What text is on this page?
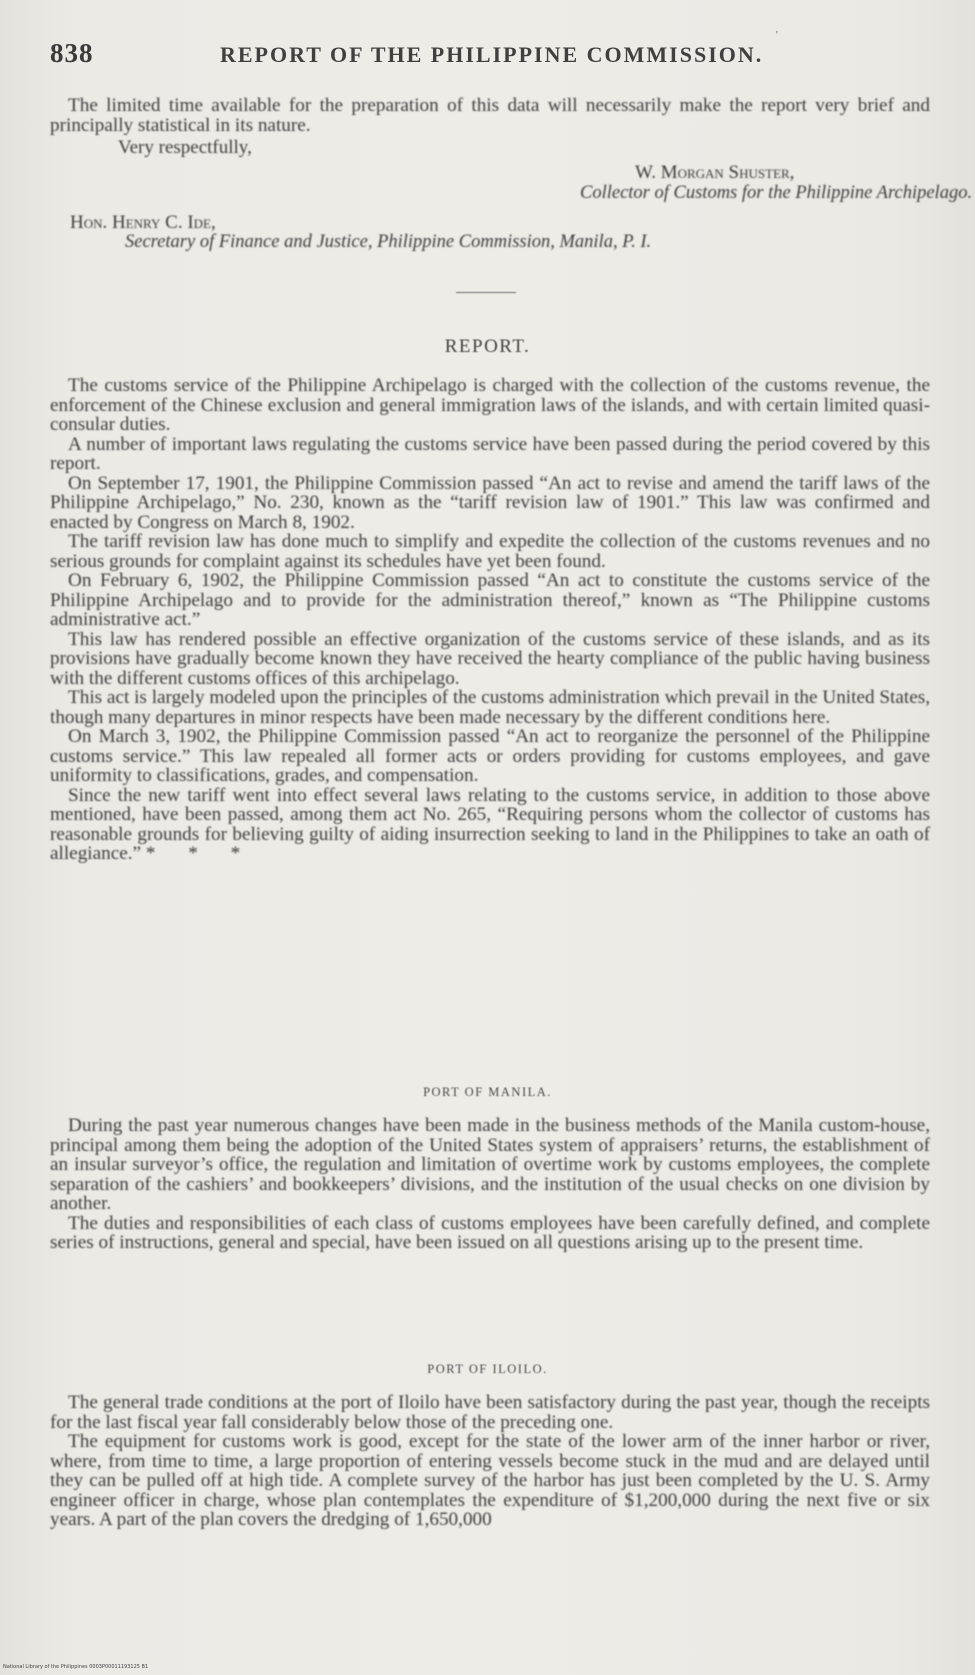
838	REPORT OF THE PHILIPPINE COMMISSION.
'

The limited time available for the preparation of this data will necessarily make the report very brief and principally statistical in its nature.

Very respectfully,
W. Morgan Shuster,
Collector of Customs for the Philippine Archipelago.
Hon. Henry C. Ide,
Secretary of Finance and Justice, Philippine Commission, Manila, P. I.
REPORT.

The customs service of the Philippine Archipelago is charged with the collection of the customs revenue, the enforcement of the Chinese exclusion and general immigration laws of the islands, and with certain limited quasi-consular duties.

A number of important laws regulating the customs service have been passed during the period covered by this report.

On September 17, 1901, the Philippine Commission passed “An act to revise and amend the tariff laws of the Philippine Archipelago,” No. 230, known as the “tariff revision law of 1901.” This law was confirmed and enacted by Congress on March 8, 1902.

The tariff revision law has done much to simplify and expedite the collection of the customs revenues and no serious grounds for complaint against its schedules have yet been found.

On February 6, 1902, the Philippine Commission passed “An act to constitute the customs service of the Philippine Archipelago and to provide for the administration thereof,” known as “The Philippine customs administrative act.”

This law has rendered possible an effective organization of the customs service of these islands, and as its provisions have gradually become known they have received the hearty compliance of the public having business with the different customs offices of this archipelago.

This act is largely modeled upon the principles of the customs administration which prevail in the United States, though many departures in minor respects have been made necessary by the different conditions here.

On March 3, 1902, the Philippine Commission passed “An act to reorganize the personnel of the Philippine customs service.” This law repealed all former acts or orders providing for customs employees, and gave uniformity to classifications, grades, and compensation.

Since the new tariff went into effect several laws relating to the customs service, in addition to those above mentioned, have been passed, among them act No. 265, “Requiring persons whom the collector of customs has reasonable grounds for believing guilty of aiding insurrection seeking to land in the Philippines to take an oath of allegiance.” * * *

PORT OF MANILA.

During the past year numerous changes have been made in the business methods of the Manila custom-house, principal among them being the adoption of the United States system of appraisers’ returns, the establishment of an insular surveyor’s office, the regulation and limitation of overtime work by customs employees, the complete separation of the cashiers’ and bookkeepers’ divisions, and the institution of the usual checks on one division by another.

The duties and responsibilities of each class of customs employees have been carefully defined, and complete series of instructions, general and special, have been issued on all questions arising up to the present time.

PORT OF ILOILO.

The general trade conditions at the port of Iloilo have been satisfactory during the past year, though the receipts for the last fiscal year fall considerably below those of the preceding one.

The equipment for customs work is good, except for the state of the lower arm of the inner harbor or river, where, from time to time, a large proportion of entering vessels become stuck in the mud and are delayed until they can be pulled off at high tide. A complete survey of the harbor has just been completed by the U. S. Army engineer officer in charge, whose plan contemplates the expenditure of $1,200,000 during the next five or six years. A part of the plan covers the dredging of 1,650,000

National Library of the Philippines 0003P00011193125 B1
